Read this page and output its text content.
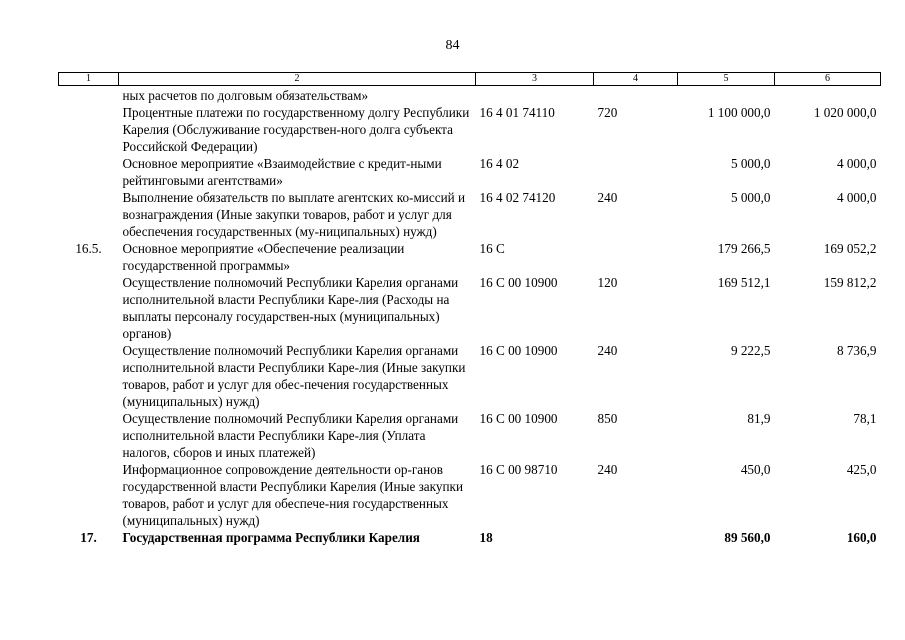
84
1	2	3	4	5	6
	ных расчетов по долговым обязательствам»				
	Процентные платежи по государственному долгу Республики Карелия (Обслуживание государствен-ного долга субъекта Российской Федерации)	16 4 01 74110	720	1 100 000,0	1 020 000,0
	Основное мероприятие «Взаимодействие с кредит-ными рейтинговыми агентствами»	16 4 02		5 000,0	4 000,0
	Выполнение обязательств по выплате агентских ко-миссий и вознаграждения (Иные закупки товаров, работ и услуг для обеспечения государственных (му-ниципальных) нужд)	16 4 02 74120	240	5 000,0	4 000,0
16.5.	Основное мероприятие «Обеспечение реализации государственной программы»	16 С		179 266,5	169 052,2
	Осуществление полномочий Республики Карелия органами исполнительной власти Республики Каре-лия (Расходы на выплаты персоналу государствен-ных (муниципальных) органов)	16 С 00 10900	120	169 512,1	159 812,2
	Осуществление полномочий Республики Карелия органами исполнительной власти Республики Каре-лия (Иные закупки товаров, работ и услуг для обес-печения государственных (муниципальных) нужд)	16 С 00 10900	240	9 222,5	8 736,9
	Осуществление полномочий Республики Карелия органами исполнительной власти Республики Каре-лия (Уплата налогов, сборов и иных платежей)	16 С 00 10900	850	81,9	78,1
	Информационное сопровождение деятельности ор-ганов государственной власти Республики Карелия (Иные закупки товаров, работ и услуг для обеспече-ния государственных (муниципальных) нужд)	16 С 00 98710	240	450,0	425,0
17.	Государственная программа Республики Карелия	18		89 560,0	160,0
